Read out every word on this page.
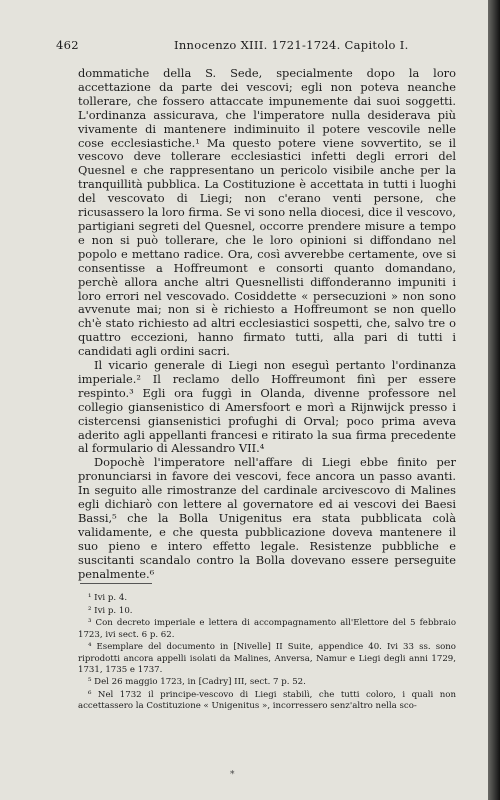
462	Innocenzo XIII. 1721-1724. Capitolo I.

dommatiche della S. Sede, specialmente dopo la loro accettazione da parte dei vescovi; egli non poteva neanche tollerare, che fossero attaccate impunemente dai suoi soggetti. L'ordinanza assicurava, che l'imperatore nulla desiderava più vivamente di mantenere indiminuito il potere vescovile nelle cose ecclesiastiche.¹ Ma questo potere viene sovvertito, se il vescovo deve tollerare ecclesiastici infetti degli errori del Quesnel e che rappresentano un pericolo visibile anche per la tranquillità pubblica. La Costituzione è accettata in tutti i luoghi del vescovato di Liegi; non c'erano venti persone, che ricusassero la loro firma. Se vi sono nella diocesi, dice il vescovo, partigiani segreti del Quesnel, occorre prendere misure a tempo e non si può tollerare, che le loro opinioni si diffondano nel popolo e mettano radice. Ora, così avverebbe certamente, ove si consentisse a Hoffreumont e consorti quanto domandano, perchè allora anche altri Quesnellisti diffonderanno impuniti i loro errori nel vescovado. Cosiddette « persecuzioni » non sono avvenute mai; non si è richiesto a Hoffreumont se non quello ch'è stato richiesto ad altri ecclesiastici sospetti, che, salvo tre o quattro eccezioni, hanno firmato tutti, alla pari di tutti i candidati agli ordini sacri.

Il vicario generale di Liegi non eseguì pertanto l'ordinanza imperiale.² Il reclamo dello Hoffreumont finì per essere respinto.³ Egli ora fuggì in Olanda, divenne professore nel collegio giansenistico di Amersfoort e morì a Rijnwijck presso i cistercensi giansenistici profughi di Orval; poco prima aveva aderito agli appellanti francesi e ritirato la sua firma precedente al formulario di Alessandro VII.⁴

Dopochè l'imperatore nell'affare di Liegi ebbe finito per pronunciarsi in favore dei vescovi, fece ancora un passo avanti. In seguito alle rimostranze del cardinale arcivescovo di Malines egli dichiarò con lettere al governatore ed ai vescovi dei Baesi Bassi,⁵ che la Bolla Unigenitus era stata pubblicata colà validamente, e che questa pubblicazione doveva mantenere il suo pieno e intero effetto legale. Resistenze pubbliche e suscitanti scandalo contro la Bolla dovevano essere perseguite penalmente.⁶

¹ Ivi p. 4.

² Ivi p. 10.

³ Con decreto imperiale e lettera di accompagnamento all'Elettore del 5 febbraio 1723, ivi sect. 6 p. 62.

⁴ Esemplare del documento in [Nivelle] II Suite, appendice 40. Ivi 33 ss. sono riprodotti ancora appelli isolati da Malines, Anversa, Namur e Liegi degli anni 1729, 1731, 1735 e 1737.

⁵ Del 26 maggio 1723, in [Cadry] III, sect. 7 p. 52.

⁶ Nel 1732 il principe-vescovo di Liegi stabilì, che tutti coloro, i quali non accettassero la Costituzione « Unigenitus », incorressero senz'altro nella sco-

*
